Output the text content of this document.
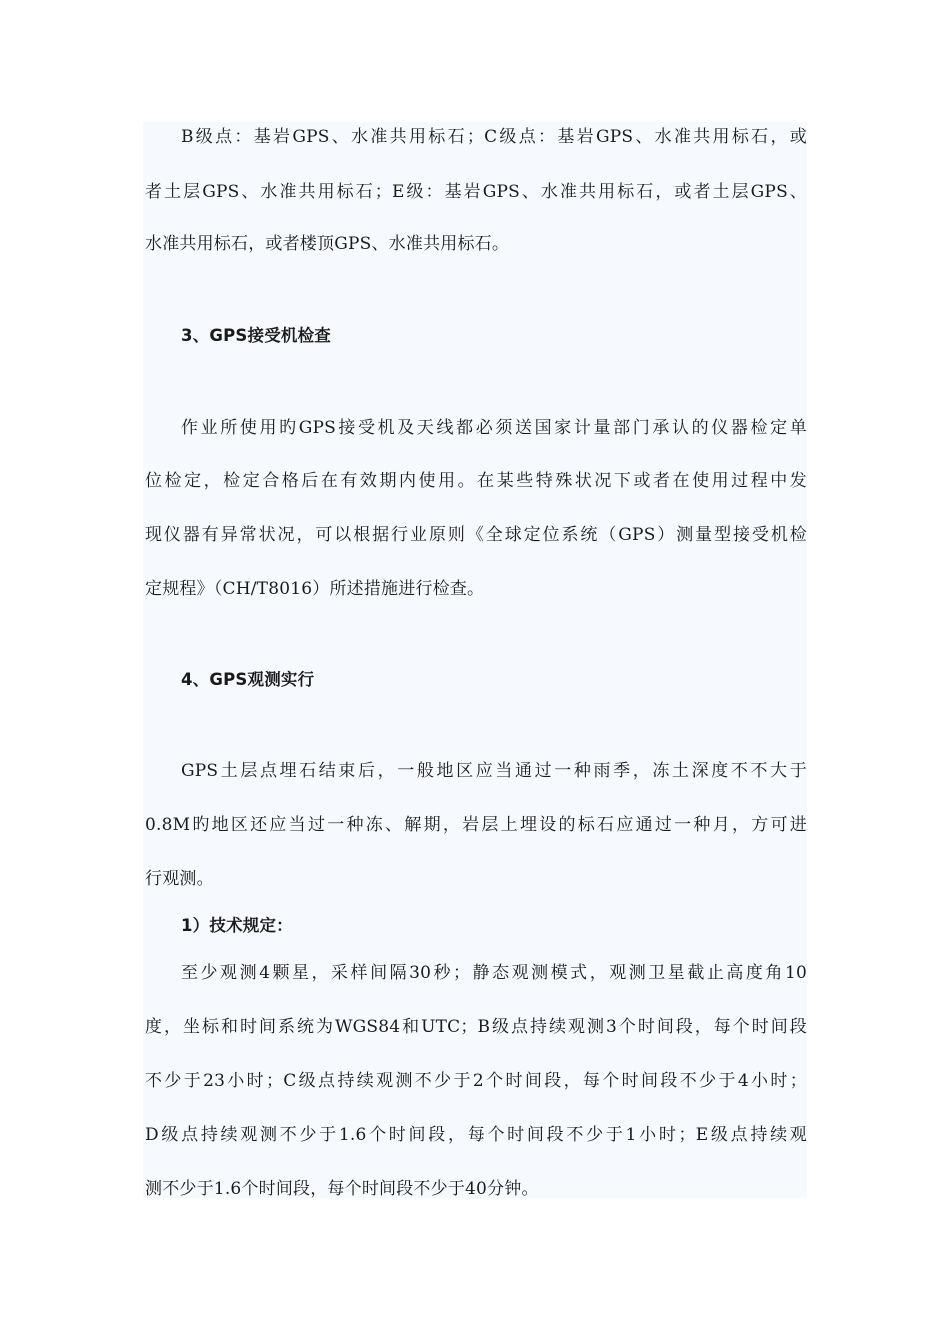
B级点：基岩GPS、水准共用标石；C级点：基岩GPS、水准共用标石，或
者土层GPS、水准共用标石；E级：基岩GPS、水准共用标石，或者土层GPS、
水准共用标石，或者楼顶GPS、水准共用标石。
3、GPS接受机检查
作业所使用旳GPS接受机及天线都必须送国家计量部门承认的仪器检定单
位检定，检定合格后在有效期内使用。在某些特殊状况下或者在使用过程中发
现仪器有异常状况，可以根据行业原则《全球定位系统（GPS）测量型接受机检
定规程》（CH/T8016）所述措施进行检查。
4、GPS观测实行
GPS土层点埋石结束后，一般地区应当通过一种雨季，冻土深度不不大于
0.8M旳地区还应当过一种冻、解期，岩层上埋设的标石应通过一种月，方可进
行观测。
1）技术规定：
至少观测4颗星，采样间隔30秒；静态观测模式，观测卫星截止高度角10
度，坐标和时间系统为WGS84和UTC；B级点持续观测3个时间段，每个时间段
不少于23小时；C级点持续观测不少于2个时间段，每个时间段不少于4小时；
D级点持续观测不少于1.6个时间段，每个时间段不少于1小时；E级点持续观
测不少于1.6个时间段，每个时间段不少于40分钟。
